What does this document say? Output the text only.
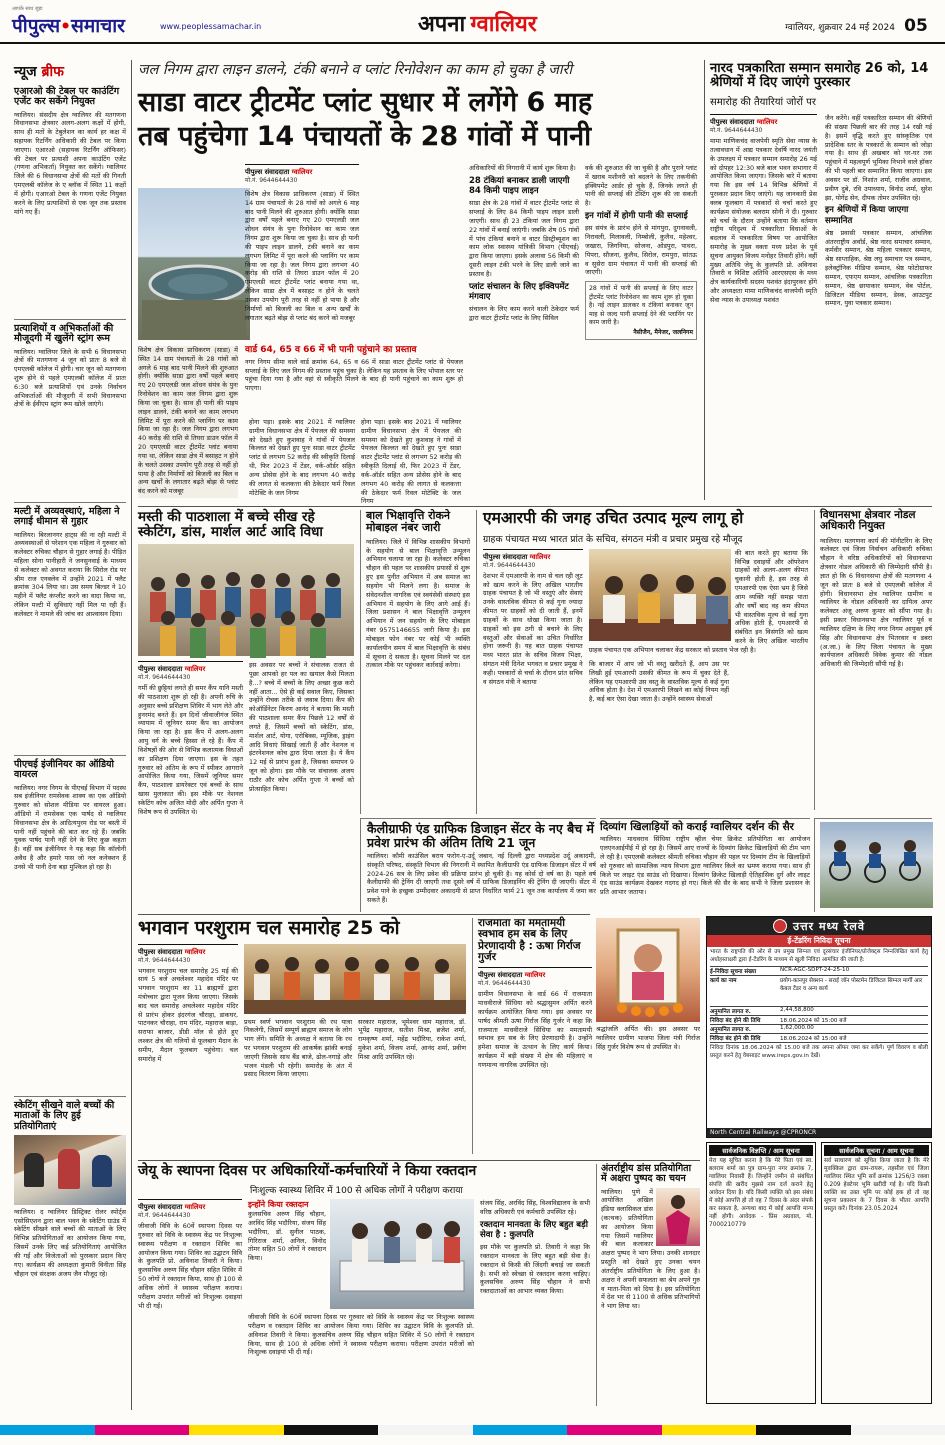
आपके साथ जुड़ा
पीपुल्स•समाचार	www.peoplessamachar.in	अपना ग्वालियर	ग्वालियर, शुक्रवार 24 मई 2024 05
न्यूज ब्रीफ
एआरओ की टेबल पर काउंटिंग एजेंट कर सकेंगे नियुक्त
ग्वालियर। संसदीय क्षेत्र ग्वालियर की मतगणना विधानसभा क्षेत्रवार अलग-अलग कक्षों में होगी, साथ ही मतों के टेबुलेशन का कार्य हर कक्ष में सहायक रिटर्निंग अधिकारी की टेबल पर किया जाएगा। एआरओ (सहायक रिटर्निंग ऑफिसर) की टेबल पर प्रत्याशी अपना काउंटिंग एजेंट (गणना अभिकर्ता) नियुक्त कर सकेंगे। ग्वालियर जिले की 6 विधानसभा क्षेत्रों की मतों की गिनती एमएलबी कॉलेज के ए ब्लॉक में स्थित 11 कक्षों में होगी। एआरओ टेबल के गणना एजेंट नियुक्त करने के लिए प्रत्याशियों से एक जून तक प्रस्ताव मांगे गए हैं।
प्रत्याशियों व अभिकर्ताओं की मौजूदगी में खुलेंगे स्ट्रांग रूम
ग्वालियर। ग्वालियर जिले के सभी 6 विधानसभा क्षेत्रों की मतगणना 4 जून को प्रातः 8 बजे से एमएलबी कॉलेज में होगी। चार जून को मतगणना शुरू होने से पहले एमएलबी कॉलेज में प्रातः 6:30 बजे प्रत्याशियों एवं उनके निर्वाचन अभिकर्ताओं की मौजूदगी में सभी विधानसभा क्षेत्रों के ईवीएम स्ट्रांग रूम खोले जाएंगे।
मल्टी में अव्यवस्थाएं, महिला ने लगाई धीमान से गुहार
ग्वालियर। बिरलानगर हाट्स की ना रही मल्टी में अव्यवस्थाओं से परेशान एक महिला ने गुरुवार को कलेक्टर रुचिका चौहान से गुहार लगाई है। पीड़ित महिला सोना पानीहारी ने जनसुनवाई के माध्यम से कलेक्टर को अवगत कराया कि सिरोल रोड पर श्रीम राज एनक्लेव में उन्होंने 2021 में फ्लैट क्रमांक 304 लिया था। उस समय बिल्डर ने 10 महीने में फ्लैट कंप्लीट करने का वादा किया था, लेकिन मल्टी में सुविधाएं नहीं मिल पा रही हैं। कलेक्टर ने मामले की जांच का आश्वासन दिया।
पीएचई इंजीनियर का ऑडियो वायरल
ग्वालियर। नगर निगम के पीएचई विभाग में पदस्थ सब इंजीनियर रामसेवक शाक्य का एक ऑडियो गुरुवार को सोशल मीडिया पर वायरल हुआ। ऑडियो में रामसेवक एक पार्षद से ग्वालियर विधानसभा क्षेत्र के आदित्यपुरम रोड पर बस्ती में पानी नहीं पहुंचने की बात कर रहे हैं। जबकि युवक पार्षद पानी नहीं देने के लिए कुछ कहता है। वहीं सब इंजीनियर ने यह कहा कि कॉलोनी अवैध है और हमारे पास जो नल कनेक्शन हैं उनसे भी पानी देना बड़ा मुश्किल हो रहा है।
स्केटिंग सीखने वाले बच्चों की माताओं के लिए हुई प्रतियोगिताएं
ग्वालियर। द ग्वालियर डिस्ट्रिक्ट रोलर स्पोर्ट्स एसोसिएशन द्वारा बाल भवन के स्केटिंग ग्राउंड में स्केटिंग सीखने वाले बच्चों की माताओं के लिए विभिन्न प्रतियोगिताओं का आयोजन किया गया, जिसमें उनके लिए कई प्रतियोगिताएं आयोजित की गईं और विजेताओं को पुरस्कार प्रदान किए गए। कार्यक्रम की अध्यक्षता कुमारी विनीता सिंह चौहान एवं संरक्षक अजय जैन मौजूद रहे।
जल निगम द्वारा लाइन डालने, टंकी बनाने व प्लांट रिनोवेशन का काम हो चुका है जारी
साडा वाटर ट्रीटमेंट प्लांट सुधार में लगेंगे 6 माह
तब पहुंचेगा 14 पंचायतों के 28 गांवों में पानी
पीपुल्स संवाददाता ग्वालियर
मो.नं. 9644644430
विशेष क्षेत्र विकास प्राधिकरण (साडा) में स्थित 14 ग्राम पंचायतों के 28 गांवों को अगले 6 माह बाद पानी मिलने की शुरुआत होगी। क्योंकि साडा द्वारा वर्षों पहले बनाए गए 20 एमएलडी जल शोधन संयंत्र के पुनः रिनोवेशन का काम जल निगम द्वारा शुरू किया जा चुका है। साथ ही पानी की पाइप लाइन डालने, टंकी बनाने का काम लगभग लिमिट में पूरा करने की प्लानिंग पर काम किया जा रहा है। जल निगम द्वारा लगभग 40 करोड़ की राशि से तिघरा डाउन फॉल में 20 एमएलडी वाटर ट्रीटमेंट प्लांट बनाया गया था, लेकिन साडा क्षेत्र में बसाहट न होने के चलते उसका उपयोग पूरी तरह से नहीं हो पाया है और निर्माणों को बिजली का बिल व अन्य खर्चों के लगातार बढ़ते बोझ से प्लांट बंद करने को मजबूर
वार्ड 64, 65 व 66 में भी पानी पहुंचाने का प्रस्ताव
नगर निगम सीमा वाले वार्ड क्रमांक 64, 65 व 66 में साडा वाटर ट्रीटमेंट प्लांट से पेयजल सप्लाई के लिए जल निगम की प्रस्ताव पहुंच चुका है। लेकिन यह प्रस्ताव के लिए भोपाल स्तर पर पहुंचा दिया गया है और वहां से स्वीकृति मिलने के बाद ही पानी पहुंचाने का काम शुरू हो पाएगा।
विशेष क्षेत्र विकास प्राधिकरण (साडा) में स्थित 14 ग्राम पंचायतों के 28 गांवों को अगले 6 माह बाद पानी मिलने की शुरुआत होगी। क्योंकि साडा द्वारा वर्षों पहले बनाए गए 20 एमएलडी जल शोधन संयंत्र के पुनः रिनोवेशन का काम जल निगम द्वारा शुरू किया जा चुका है। साथ ही पानी की पाइप लाइन डालने, टंकी बनाने का काम लगभग लिमिट में पूरा करने की प्लानिंग पर काम किया जा रहा है। जल निगम द्वारा लगभग 40 करोड़ की राशि से तिघरा डाउन फॉल में 20 एमएलडी वाटर ट्रीटमेंट प्लांट बनाया गया था, लेकिन साडा क्षेत्र में बसाहट न होने के चलते उसका उपयोग पूरी तरह से नहीं हो पाया है और निर्माणों को बिजली का बिल व अन्य खर्चों के लगातार बढ़ते बोझ से प्लांट बंद करने को मजबूर
होना पड़ा। इसके बाद 2021 में ग्वालियर ग्रामीण विधानसभा क्षेत्र में पेयजल की समस्या को देखते हुए कुशवाह ने गांवों में पेयजल किल्लत को देखते हुए पुनः साडा वाटर ट्रीटमेंट प्लांट से लगभग 52 करोड़ की स्वीकृति दिलाई थी, फिर 2023 में टेंडर, वर्क-ऑर्डर सहित अन्य प्रोसेस होने के बाद लगभग 40 करोड़ की लागत से कलकत्ता की ठेकेदार फर्म रिवल मोटेक्टि के जल निगम
होना पड़ा। इसके बाद 2021 में ग्वालियर ग्रामीण विधानसभा क्षेत्र में पेयजल की समस्या को देखते हुए कुशवाह ने गांवों में पेयजल किल्लत को देखते हुए पुनः साडा वाटर ट्रीटमेंट प्लांट से लगभग 52 करोड़ की स्वीकृति दिलाई थी, फिर 2023 में टेंडर, वर्क-ऑर्डर सहित अन्य प्रोसेस होने के बाद लगभग 40 करोड़ की लागत से कलकत्ता की ठेकेदार फर्म रिवल मोटेक्टि के जल निगम
अधिकारियों की निगरानी में कार्य शुरू किया है।
28 टंकियां बनाकर डाली जाएगी 84 किमी पाइप लाइन
साडा क्षेत्र के 28 गांवों में वाटर ट्रीटमेंट प्लांट से सप्लाई के लिए 84 किमी पाइप लाइन डाली जाएगी। साथ ही 23 टंकियां जल निगम द्वारा 22 गांवों में बनाई जाएंगी। जबकि शेष 05 गांवों में पांच टंकियां बनाने व वाटर डिस्ट्रीब्यूशन का काम लोक स्वास्थ्य यांत्रिकी विभाग (पीएचई) द्वारा किया जाएगा। इसके अलावा 56 किमी की दूसरी लाइन टंकी भरने के लिए डाली जाने का प्रस्ताव है।
प्लांट संचालन के लिए इक्विपमेंट मंगवाए
संचालन के लिए काम करने वाली ठेकेदार फर्म द्वारा वाटर ट्रीटमेंट प्लांट के लिए सिविल
वर्क की शुरुआत की जा चुकी है और पुराने प्लांट में खराब मशीनरी को बदलने के लिए तकनीकी इक्विपमेंट आर्डर हो चुके हैं, जिनके लगते ही पानी की सप्लाई की टेस्टिंग शुरू की जा सकती है।
इन गांवों में होगी पानी की सप्लाई
इस संयंत्र के प्रारंभ होने से मांगपुरा, दुगनावली, निरावली, मिलावली, निम्बोली, कुलैथ, महेश्वर, जखारा, जिगनिया, सोजना, ओडपुरा, पाथरा, पिपरा, सौजना, कुलैथ, सिरोल, रामपुरा, सांतऊ व सुसेरा ग्राम पंचायत में पानी की सप्लाई की जाएगी।
28 गांवों में पानी की सप्लाई के लिए वाटर ट्रीटमेंट प्लांट रिनोवेशन का काम शुरू हो चुका है। नई लाइन डालकर व टंकियां बनाकर जून माह से जल्द पानी सप्लाई देने की प्लानिंग पर काम जारी है।
नैसीजैन, मैनेजर, जलनिगम
नारद पत्रकारिता सम्मान समारोह 26 को, 14 श्रेणियों में दिए जाएंगे पुरस्कार
समारोह की तैयारियां जोरों पर
पीपुल्स संवाददाता ग्वालियर
मो.नं. 9644644430
मामा माणिकचंद वाजपेयी स्मृति सेवा न्यास के तत्वावधान में आद्य पत्रकार देवर्षि नारद जयंती के उपलक्ष्य में पत्रकार सम्मान समारोह 26 मई को दोपहर 12:30 बजे बाल भवन सभागार में आयोजित किया जाएगा। जिसके बारे में बताया गया कि इस वर्ष 14 विभिन्न श्रेणियों में पुरस्कार प्रदान किए जाएंगे। यह जानकारी प्रेस क्लब फूलबाग में पत्रकारों से चर्चा करते हुए कार्यक्रम संयोजक बलराम सोनी ने दी। गुरुवार को चर्चा के दौरान उन्होंने बताया कि वर्तमान राष्ट्रीय परिदृश्य में पत्रकारिता विधाओं के बदलाव में पत्रकारिता विषय पर आयोजित समारोह के मुख्य वक्ता मध्य प्रदेश के पूर्व सूचना आयुक्त विजय मनोहर तिवारी होंगे। वहीं मुख्य अतिथि जेयू के कुलपति प्रो. अविनाश तिवारी व विशिष्ट अतिथि आरएसएस के मध्य क्षेत्र कार्यकारिणी सदस्य यशवंत इंदापुरकर होंगे और अध्यक्षता मामा माणिकचंद वाजपेयी स्मृति सेवा न्यास के उपाध्यक्ष यशवंत
जैन करेंगे। वहीं पत्रकारिता सम्मान की श्रेणियों की संख्या पिछली बार की तरह 14 रखी गई है। इसमें वृद्धि करते हुए सांस्कृतिक एवं प्रादेशिक स्तर के पत्रकारों के सम्मान को जोड़ा गया है। साथ ही अखबार को घर-घर तक पहुंचाने में महत्वपूर्ण भूमिका निभाने वाले हॉकर की भी पहली बार सम्मानित किया जाएगा। इस अवसर पर डॉ. निशांत शर्मा, राजीव अग्रवाल, प्रवीण दुबे, रवि उपाध्याय, विनोद शर्मा, सुरेश झा, योगेंद्र सेन, दीपक तोमर उपस्थित रहे।
इन श्रेणियों में किया जाएगा सम्मानित
श्रेष्ठ प्रवासी पत्रकार सम्मान, आंचलिक अंतरराष्ट्रीय अवॉर्ड, श्रेष्ठ नारद समाचार सम्मान, कर्मवीर सम्मान, श्रेष्ठ महिला पत्रकार सम्मान, श्रेष्ठ साप्ताहिक, श्रेष्ठ लघु समाचार पत्र सम्मान, इलेक्ट्रॉनिक मीडिया सम्मान, श्रेष्ठ फोटोग्राफर सम्मान, एफएम सम्मान, आंचलिक पत्रकारिता सम्मान, श्रेष्ठ छायाकार सम्मान, वेब पोर्टल, डिजिटल मीडिया सम्मान, डेस्क, आउटपुट सम्मान, युवा पत्रकार सम्मान।
मस्ती की पाठशाला में बच्चे सीख रहे स्केटिंग, डांस, मार्शल आर्ट आदि विधा
पीपुल्स संवाददाता ग्वालियर
मो.नं. 9644644430
गर्मी की छुट्टियां लगते ही समर कैंप यानि मस्ती की पाठशाला शुरू हो रही है। अपनी रुचि के अनुसार बच्चे प्रशिक्षण शिविर में भाग लेते और हुनरमंद बनते हैं। इन दिनों जीवाजीगंज स्थित व्यायाम में जूनियर समर कैंप का आयोजन किया जा रहा है। इस कैंप में अलग-अलग आयु वर्ग के बच्चे हिस्सा ले रहे हैं। कैंप में विशेषज्ञों की ओर से विभिन्न कलात्मक विधाओं का प्रशिक्षण दिया जाएगा। इस के तहत गुरुवार को अंतिम के रूप में स्पीकर आगराने आयोजित किया गया, जिसमें जूनियर समर कैंप, पाठशाला डायरेक्टर एवं बच्चों के साथ खास मुलाकात की। इस मौके पर नेशनल स्केटिंग कोच अजित मोदी और अर्पित गुप्ता ने विशेष रूप से उपस्थित थे।
इस अवसर पर बच्चों ने संचालक राजत से पूछा आपको हर पल का खयाल कैसे मिलता है...? बच्चे में बच्चों के लिए अच्छा कुछ करो नहीं आता... ऐसे ही कई सवाल किए, जिसका उन्होंने रोचक तरीके से जवाब दिया। कैंप की कोऑर्डिनेटर किरण आनंद ने बताया कि मस्ती की पाठशाला समर कैंप पिछले 12 वर्षों से लगते हैं, जिसमें बच्चों को स्केटिंग, डांस, मार्शल आर्ट, योगा, एरोबिक्स, म्यूजिक, ड्राइंग आदि विधाएं सिखाई जाती हैं और नेशनल व इंटरनेशनल कोच द्वारा दिया जाता है। ये कैंप 12 मई से प्रारंभ हुआ है, जिसका समापन 9 जून को होगा। इस मौके पर संचालक अजय राठौर और कोच अर्पित गुप्ता ने बच्चों को प्रोत्साहित किया।
बाल भिक्षावृत्ति रोकने मोबाइल नंबर जारी
ग्वालियर। जिले में विभिन्न शासकीय विभागों के सहयोग से बाल भिक्षावृत्ति उन्मूलन अभियान चलाया जा रहा है। कलेक्टर रुचिका चौहान की पहल पर शासकीय प्रयासों से शुरू हुए इस पुनीत अभियान में अब समाज का सहयोग भी मिलने लगा है। समाज के संवेदनशील नागरिक एवं स्वयंसेवी संस्थाएं इस अभियान में सहयोग के लिए आगे आई हैं। जिला प्रशासन ने बाल भिक्षावृत्ति उन्मूलन अभियान में जन सहयोग के लिए मोबाइल नंबर 9575146655 जारी किया है। इस मोबाइल फोन नंबर पर कोई भी व्यक्ति कार्यालयीन समय में बाल भिक्षावृत्ति के संबंध में सूचना दे सकता है। सूचना मिलने पर दल तत्काल मौके पर पहुंचकर कार्रवाई करेगा।
एमआरपी की जगह उचित उत्पाद मूल्य लागू हो
ग्राहक पंचायत मध्य भारत प्रांत के सचिव, संगठन मंत्री व प्रचार प्रमुख रहे मौजूद
पीपुल्स संवाददाता ग्वालियर
मो.नं. 9644644430
देशभर में एमआरपी के नाम से चल रही लूट को खत्म करने के लिए अखिल भारतीय ग्राहक पंचायत है जो भी वस्तुएं और सेवाएं उनके वास्तविक कीमत से कई गुना ज्यादा कीमत पर ग्राहकों को दी जाती हैं, इनमें ग्राहकों के साथ धोखा किया जाता है। ग्राहकों को इस ठगी से बचाने के लिए वस्तुओं और सेवाओं का उचित निर्धारित होना जरूरी है। यह बात ग्राहक पंचायत मध्य भारत प्रांत के सचिव विजय भिक्षा, संगठन मंत्री दिनेश भगवत व प्रचार प्रमुख ने कही। पत्रकारों से चर्चा के दौरान प्रांत सचिव व संगठन मंत्री ने बताया
की बात करते हुए बताया कि विभिन्न दवाइयों और ऑपरेशन ग्राहकों को अलग-अलग कीमत चुकानी होती है, इस तरह से एमआरपी एक ऐसा भ्रम है जिसे आम व्यक्ति नहीं समझ पाता और वर्षों बाद वह कम कीमत भी वास्तविक मूल्य से कई गुना अधिक होती है, एमआरपी से संबंधित इन विसंगति को खत्म करने के लिए अखिल भारतीय ग्राहक पंचायत एक अभियान चलाकर केंद्र सरकार को प्रस्ताव भेज रही है।
कि बाजार में आप जो भी वस्तु खरीदते हैं, आप उस पर लिखी हुई एमआरपी उसकी कीमत के रूप में चुका देते हैं, लेकिन यह एमआरपी उस वस्तु के वास्तविक मूल्य से कई गुना अधिक होता है। देश में एमआरपी लिखने का कोई नियम नहीं है, कई बार ऐसा देखा जाता है। उन्होंने स्वास्थ्य सेवाओं
विधानसभा क्षेत्रवार नोडल अधिकारी नियुक्त
ग्वालियर। मतगणना कार्य की मॉनीटरिंग के लिए कलेक्टर एवं जिला निर्वाचन अधिकारी रुचिका चौहान ने वरिष्ठ अधिकारियों को विधानसभा क्षेत्रवार नोडल अधिकारी की जिम्मेदारी सौंपी है। ज्ञात हो कि 6 विधानसभा क्षेत्रों की मतगणना 4 जून को प्रातः 8 बजे से एमएलबी कॉलेज में होगी। विधानसभा क्षेत्र ग्वालियर ग्रामीण व ग्वालियर के नोडल अधिकारी का दायित्व अपर कलेक्टर अंजू अरुण कुमार को सौंपा गया है। इसी प्रकार विधानसभा क्षेत्र ग्वालियर पूर्व व ग्वालियर दक्षिण के लिए नगर निगम आयुक्त हर्ष सिंह और विधानसभा क्षेत्र भितरवार व डबरा (अ.जा.) के लिए जिला पंचायत के मुख्य कार्यपालन अधिकारी विवेक कुमार की नोडल अधिकारी की जिम्मेदारी सौंपी गई है।
कैलीग्राफी एंड ग्राफिक डिजाइन सेंटर के नए बैच में प्रवेश प्रारंभ की अंतिम तिथि 21 जून
ग्वालियर। कौमी काउंसिल बराय फरोग-ए-उर्दू जबान, नई दिल्ली द्वारा मध्यप्रदेश उर्दू अकादमी, संस्कृति परिषद, संस्कृति विभाग की निगरानी में स्थापित कैलीग्राफी एंड ग्राफिक डिजाइन सेंटर में वर्ष 2024-26 सत्र के लिए प्रवेश की प्रक्रिया प्रारंभ हो चुकी है। यह कोर्स दो वर्ष का है। पहले वर्ष कैलीग्राफी की ट्रेनिंग दी जाएगी तथा दूसरे वर्ष में ग्राफिक डिजाइनिंग की ट्रेनिंग दी जाएगी। सेंटर में प्रवेश पाने के इच्छुक उम्मीदवार अकादमी से प्राप्त निर्धारित फार्म 21 जून तक कार्यालय में जमा कर सकते हैं।
भगवान परशुराम चल समारोह 25 को
पीपुल्स संवाददाता ग्वालियर
मो.नं. 9644644430
भगवान परशुराम चल समारोह 25 मई की सायं 5 बजे अचलेश्वर महादेव मंदिर पर भगवान परशुराम का 11 ब्राह्मणों द्वारा मंत्रोच्चार द्वारा पूजन किया जाएगा। जिसके बाद चल समारोह अचलेश्वर महादेव मंदिर से प्रारंभ होकर इंदरगंज चौराहा, डाकघर, पाटनकर चौराहा, राम मंदिर, महाराज बाड़ा, सराफा बाजार, डीडी मॉल से होते हुए लश्कर क्षेत्र की गलियों से फूलबाग मैदान के समीप, मैदान फूलबाग पहुंचेगा। चल समारोह में
प्रथम स्वर्ण भगवान परशुराम की रथ यात्रा निकलेगी, जिसमें सम्पूर्ण ब्राह्मण समाज के लोग भाग लेंगे। समिति के अध्यक्ष ने बताया कि रथ पर भगवान परशुराम की आकर्षक झांकी बनाई जाएगी जिसके साथ बैंड बाजे, ढोल-नगाड़े और भजन मंडली भी रहेगी। समारोह के अंत में प्रसाद वितरण किया जाएगा।
सरकार महाराज, भूमेश्वर धाम महाराज, डॉ. भूपेंद्र महाराज, सतीश मिश्रा, ब्रजेश शर्मा, रामकृष्ण शर्मा, महेंद्र भदौरिया, राकेश शर्मा, मुकेश शर्मा, विजय शर्मा, आनंद शर्मा, प्रवीण मिश्रा आदि उपस्थित रहे।
राजमाता का ममतामयी स्वभाव हम सब के लिए प्रेरणादायी है : ऊषा गिर्राज गुर्जर
पीपुल्स संवाददाता ग्वालियर
मो.नं. 9644644430
ग्रामीण विधानसभा के वार्ड 66 में राजमाता माधवीराजे सिंधिया को श्रद्धासुमन अर्पित करने कार्यक्रम आयोजित किया गया। इस अवसर पर पार्षद श्रीमती ऊषा गिर्राज सिंह गुर्जर ने कहा कि राजमाता माधवीराजे सिंधिया का ममतामयी स्वभाव हम सब के लिए प्रेरणादायी है। उन्होंने हमेशा समाज के उत्थान के लिए कार्य किया। कार्यक्रम में बड़ी संख्या में क्षेत्र की महिलाएं व गणमान्य नागरिक उपस्थित रहे।
श्रद्धांजलि अर्पित की। इस अवसर पर ग्वालियर ग्रामीण भाजपा जिला मंत्री गिर्राज सिंह गुर्जर विशेष रूप से उपस्थित थे।
उत्तर मध्य रेलवे
ई-टेंडरिंग निविदा सूचना
भारत के राष्ट्रपति की ओर से उप प्रमुख सिग्नल एवं दूरसंचार इंजीनियर/प्रोजेक्ट्स निम्नलिखित कार्य हेतु अधोहस्ताक्षरी द्वारा ई-टेंडरिंग के माध्यम से खुली निविदा आमंत्रित की जाती है:
ई-निविदा सूचना संख्या	NCR-AGC-SDPT-24-25-10
कार्य का नाम	प्रयोग-कानपुर सेक्शन - सराई जॉन पोस्टमेन डिजिटल सिग्नल मार्गी आर केबल टेंडर व अन्य कार्य
अनुमानित लागत रु.	2,44,58,800
निविदा बंद होने की तिथि	18.06.2024 को 15:00 बजे
अनुमानित लागत रु.	1,62,000.00
निविदा बंद होने की तिथि	18.06.2024 को 15:00 बजे
निविदा दिनांक 18.06.2024 को 15.00 बजे तक अपना ऑफर जमा कर सकेंगे। पूर्ण विवरण व बोली प्रस्तुत करने हेतु वेबसाइट www.ireps.gov.in देखें।
North Central Railways @CPRONCR
सार्वजनिक विज्ञप्ति / आम सूचना
मेरा यह सूचित करना है कि मेरे पिता एवं स्व. बलराम शर्मा का पुत्र ग्राम-पुरा नगर क्रमांक 7, ग्वालियर निवासी हैं। जिन्होंने जमीन से संबंधित संपत्ति की खरीद मुझसे नाम दर्ज कराने हेतु आवेदन दिया है। यदि किसी व्यक्ति को इस संबंध में कोई आपत्ति हो तो वह 7 दिवस के अंदर संपर्क कर सकता है, अन्यथा बाद में कोई आपत्ति मान्य नहीं होगी। आवेदक - प्रिंस अग्रवाल, मो. 7000210779
सार्वजनिक सूचना / आम सूचना
सर्व साधारण को सूचित किया जाता है कि मेरे मुवक्किल द्वारा ग्राम-रायरू, तहसील एवं जिला ग्वालियर स्थित भूमि सर्वे क्रमांक 1256/3 रकबा 0.209 हेक्टेयर भूमि खरीदी गई है। यदि किसी व्यक्ति का उक्त भूमि पर कोई हक हो तो वह सूचना प्रकाशन के 7 दिवस के भीतर आपत्ति प्रस्तुत करें। दिनांक 23.05.2024
जेयू के स्थापना दिवस पर अधिकारियों-कर्मचारियों ने किया रक्तदान
निःशुल्क स्वास्थ्य शिविर में 100 से अधिक लोगों ने परीक्षण कराया
पीपुल्स संवाददाता ग्वालियर
मो.नं. 9644644430
जीवाजी विवि के 60वें स्थापना दिवस पर गुरुवार को विवि के स्वास्थ्य केंद्र पर निःशुल्क स्वास्थ्य परीक्षण व रक्तदान शिविर का आयोजन किया गया। शिविर का उद्घाटन विवि के कुलपति प्रो. अविनाश तिवारी ने किया। कुलसचिव अरुण सिंह चौहान सहित शिविर में 50 लोगों ने रक्तदान किया, साथ ही 100 से अधिक लोगों ने स्वास्थ्य परीक्षण कराया। परीक्षण उपरांत मरीजों को निःशुल्क दवाइयां भी दी गईं।
इन्होंने किया रक्तदान
कुलसचिव अरुण सिंह चौहान, अरविंद सिंह भदौरिया, संजय सिंह भदौरिया, डॉ. सुनील पाठक, गिरिराज शर्मा, अनिल, विनोद तोमर सहित 50 लोगों ने रक्तदान किया।
जीवाजी विवि के 60वें स्थापना दिवस पर गुरुवार को विवि के स्वास्थ्य केंद्र पर निःशुल्क स्वास्थ्य परीक्षण व रक्तदान शिविर का आयोजन किया गया। शिविर का उद्घाटन विवि के कुलपति प्रो. अविनाश तिवारी ने किया। कुलसचिव अरुण सिंह चौहान सहित शिविर में 50 लोगों ने रक्तदान किया, साथ ही 100 से अधिक लोगों ने स्वास्थ्य परीक्षण कराया। परीक्षण उपरांत मरीजों को निःशुल्क दवाइयां भी दी गईं।
संजय सिंह, अरविंद सिंह, विश्वविद्यालय के सभी वरिष्ठ अधिकारी एवं कर्मचारी उपस्थित रहे।
रक्तदान मानवता के लिए बहुत बड़ी सेवा है : कुलपति
इस मौके पर कुलपति प्रो. तिवारी ने कहा कि रक्तदान मानवता के लिए बहुत बड़ी सेवा है। रक्तदान से किसी की जिंदगी बचाई जा सकती है। सभी को स्वेच्छा से रक्तदान करना चाहिए। कुलसचिव अरुण सिंह चौहान ने सभी रक्तदाताओं का आभार व्यक्त किया।
अंतर्राष्ट्रीय डांस प्रतियोगिता में अक्षरा पुष्पद का चयन
ग्वालियर। पुणे में आयोजित अखिल इंडिया क्लासिकल डांस (कत्थक) प्रतियोगिता का आयोजन किया गया जिसमें ग्वालियर की बाल कलाकार अक्षरा पुष्पद ने भाग लिया। उनकी शानदार प्रस्तुति को देखते हुए उनका चयन अंतर्राष्ट्रीय प्रतियोगिता के लिए हुआ है। अक्षरा ने अपनी सफलता का श्रेय अपने गुरु व माता-पिता को दिया है। इस प्रतियोगिता में देश भर से 1100 से अधिक प्रतिभागियों ने भाग लिया था।
दिव्यांग खिलाड़ियों को कराई ग्वालियर दर्शन की सैर
ग्वालियर। माधवराव सिंधिया राष्ट्रीय व्हील चेयर क्रिकेट प्रतियोगिता का आयोजन एलएनआईपीई में हो रहा है। जिसमें आए राज्यों के दिव्यांग क्रिकेट खिलाड़ियों की टीम भाग ले रही है। एमएलबी कलेक्टर श्रीमती रुचिका चौहान की पहल पर दिव्यांग टीम के खिलाड़ियों को गुरुवार को सामाजिक न्याय विभाग द्वारा ग्वालियर किले का भ्रमण कराया गया। साथ ही किले पर लाइट एंड साउंड शो दिखाया। दिव्यांग क्रिकेट खिलाड़ी ऐतिहासिक दुर्ग और लाइट एंड साउंड कार्यक्रम देखकर गदगद हो गए। किले की सैर के बाद सभी ने जिला प्रशासन के प्रति आभार जताया।
